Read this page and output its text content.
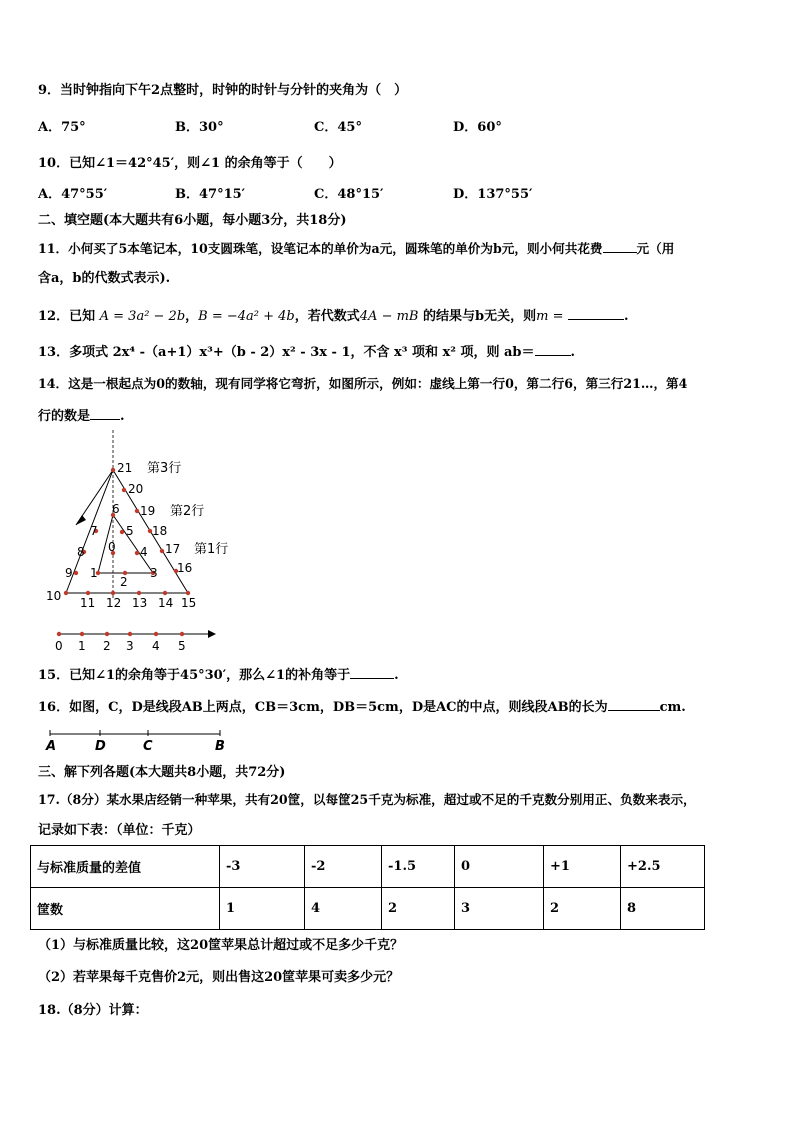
9．当时钟指向下午2点整时，时钟的时针与分针的夹角为（　）
A．75°	B．30°	C．45°	D．60°
10．已知∠1＝42°45′，则∠1 的余角等于（　　）
A．47°55′	B．47°15′	C．48°15′	D．137°55′
二、填空题(本大题共有6小题，每小题3分，共18分)
11．小何买了5本笔记本，10支圆珠笔，设笔记本的单价为a元，圆珠笔的单价为b元，则小何共花费	元（用
含a，b的代数式表示).
12．已知 A = 3a² − 2b，B = −4a² + 4b，若代数式4A − mB 的结果与b无关，则m =	.
13．多项式 2x⁴ -（a+1）x³+（b - 2）x² - 3x - 1，不含 x³ 项和 x² 项，则 ab＝	.
14．这是一根起点为0的数轴，现有同学将它弯折，如图所示，例如：虚线上第一行0，第二行6，第三行21…，第4
行的数是 .
0
1
2
3
4
5
6
7
8
9
10 11 12 13 14 15
16
17
18
19
20
21 第3行
第2行
第1行
0 1 2 3 4 5
15．已知∠1的余角等于45°30′，那么∠1的补角等于	.
16．如图，C，D是线段AB上两点，CB＝3cm，DB＝5cm，D是AC的中点，则线段AB的长为	cm.
A	D	C	B
三、解下列各题(本大题共8小题，共72分)
17.（8分）某水果店经销一种苹果，共有20筐，以每筐25千克为标准，超过或不足的千克数分别用正、负数来表示，
记录如下表：（单位：千克）
与标准质量的差值	-3	-2	-1.5	0	+1	+2.5
筐数	1	4	2	3	2	8
（1）与标准质量比较，这20筐苹果总计超过或不足多少千克？
（2）若苹果每千克售价2元，则出售这20筐苹果可卖多少元？
18.（8分）计算：
